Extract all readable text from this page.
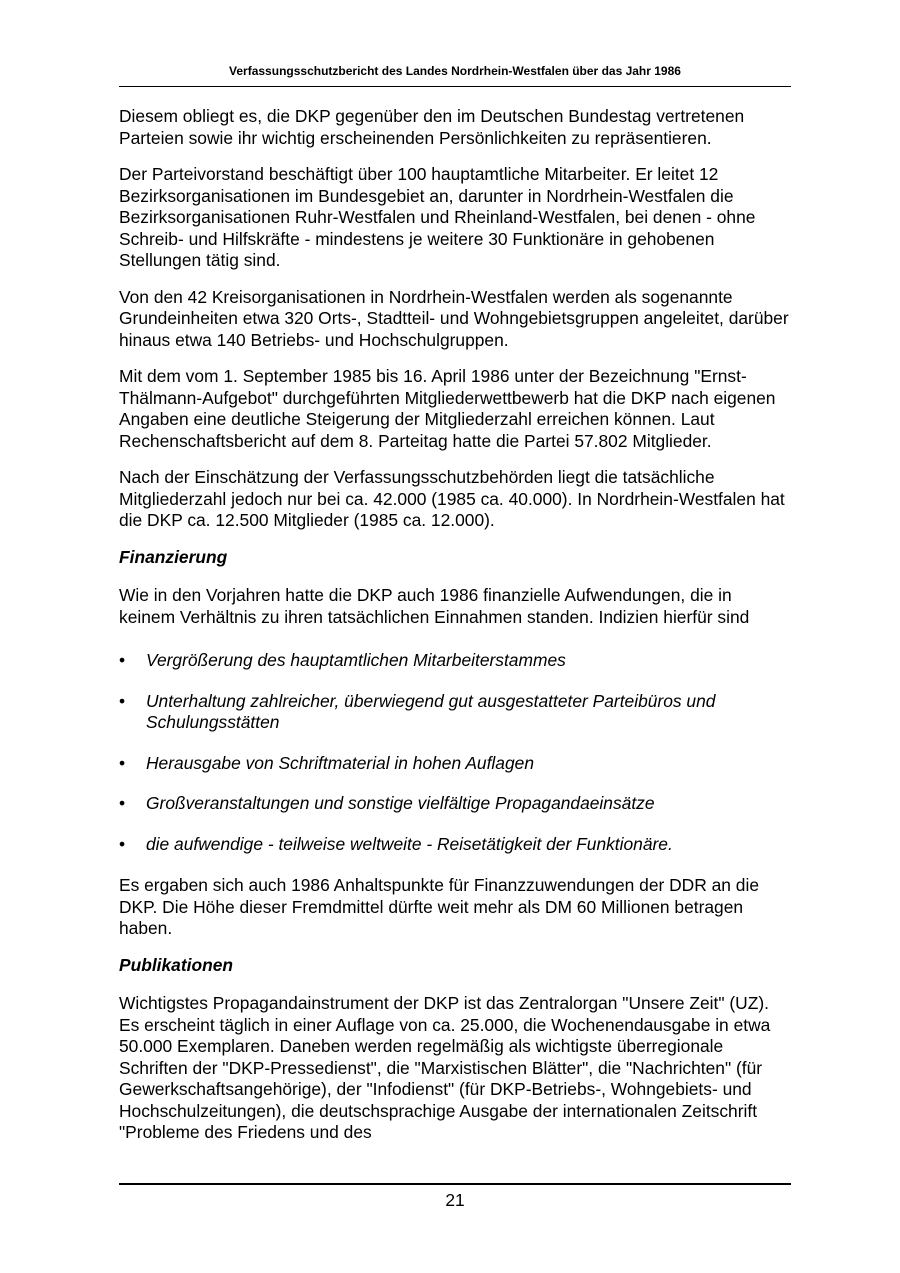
Verfassungsschutzbericht des Landes Nordrhein-Westfalen über das Jahr 1986

Diesem obliegt es, die DKP gegenüber den im Deutschen Bundestag vertretenen Parteien sowie ihr wichtig erscheinenden Persönlichkeiten zu repräsentieren.

Der Parteivorstand beschäftigt über 100 hauptamtliche Mitarbeiter. Er leitet 12 Bezirksorganisationen im Bundesgebiet an, darunter in Nordrhein-Westfalen die Bezirksorganisationen Ruhr-Westfalen und Rheinland-Westfalen, bei denen - ohne Schreib- und Hilfskräfte - mindestens je weitere 30 Funktionäre in gehobenen Stellungen tätig sind.

Von den 42 Kreisorganisationen in Nordrhein-Westfalen werden als sogenannte Grundeinheiten etwa 320 Orts-, Stadtteil- und Wohngebietsgruppen angeleitet, darüber hinaus etwa 140 Betriebs- und Hochschulgruppen.

Mit dem vom 1. September 1985 bis 16. April 1986 unter der Bezeichnung "Ernst-Thälmann-Aufgebot" durchgeführten Mitgliederwettbewerb hat die DKP nach eigenen Angaben eine deutliche Steigerung der Mitgliederzahl erreichen können. Laut Rechenschaftsbericht auf dem 8. Parteitag hatte die Partei 57.802 Mitglieder.

Nach der Einschätzung der Verfassungsschutzbehörden liegt die tatsächliche Mitgliederzahl jedoch nur bei ca. 42.000 (1985 ca. 40.000). In Nordrhein-Westfalen hat die DKP ca. 12.500 Mitglieder (1985 ca. 12.000).

Finanzierung

Wie in den Vorjahren hatte die DKP auch 1986 finanzielle Aufwendungen, die in keinem Verhältnis zu ihren tatsächlichen Einnahmen standen. Indizien hierfür sind

• Vergrößerung des hauptamtlichen Mitarbeiterstammes
• Unterhaltung zahlreicher, überwiegend gut ausgestatteter Parteibüros und Schulungsstätten
• Herausgabe von Schriftmaterial in hohen Auflagen
• Großveranstaltungen und sonstige vielfältige Propagandaeinsätze
• die aufwendige - teilweise weltweite - Reisetätigkeit der Funktionäre.

Es ergaben sich auch 1986 Anhaltspunkte für Finanzzuwendungen der DDR an die DKP. Die Höhe dieser Fremdmittel dürfte weit mehr als DM 60 Millionen betragen haben.

Publikationen

Wichtigstes Propagandainstrument der DKP ist das Zentralorgan "Unsere Zeit" (UZ). Es erscheint täglich in einer Auflage von ca. 25.000, die Wochenendausgabe in etwa 50.000 Exemplaren. Daneben werden regelmäßig als wichtigste überregionale Schriften der "DKP-Pressedienst", die "Marxistischen Blätter", die "Nachrichten" (für Gewerkschaftsangehörige), der "Infodienst" (für DKP-Betriebs-, Wohngebiets- und Hochschulzeitungen), die deutschsprachige Ausgabe der internationalen Zeitschrift "Probleme des Friedens und des

21
